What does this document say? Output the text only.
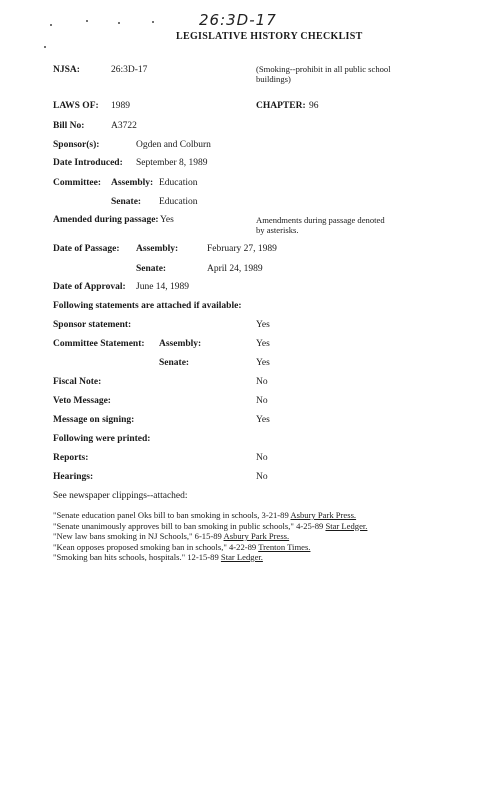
26:3D-17
LEGISLATIVE HISTORY CHECKLIST
NJSA:	26:3D-17	(Smoking--prohibit in all public school buildings)
LAWS OF: 1989	CHAPTER: 96
Bill No:	A3722
Sponsor(s):	Ogden and Colburn
Date Introduced: September 8, 1989
Committee: Assembly: Education
Senate: Education
Amended during passage: Yes	Amendments during passage denoted by asterisks.
Date of Passage: Assembly:	February 27, 1989
Senate:	April 24, 1989
Date of Approval: June 14, 1989
Following statements are attached if available:
Sponsor statement:	Yes
Committee Statement: Assembly:	Yes
Senate:	Yes
Fiscal Note:	No
Veto Message:	No
Message on signing:	Yes
Following were printed:
Reports:	No
Hearings:	No
See newspaper clippings--attached:
"Senate education panel Oks bill to ban smoking in schools, 3-21-89 Asbury Park Press.
"Senate unanimously approves bill to ban smoking in public schools," 4-25-89 Star Ledger.
"New law bans smoking in NJ Schools," 6-15-89 Asbury Park Press.
"Kean opposes proposed smoking ban in schools," 4-22-89 Trenton Times.
"Smoking ban hits schools, hospitals." 12-15-89 Star Ledger.
